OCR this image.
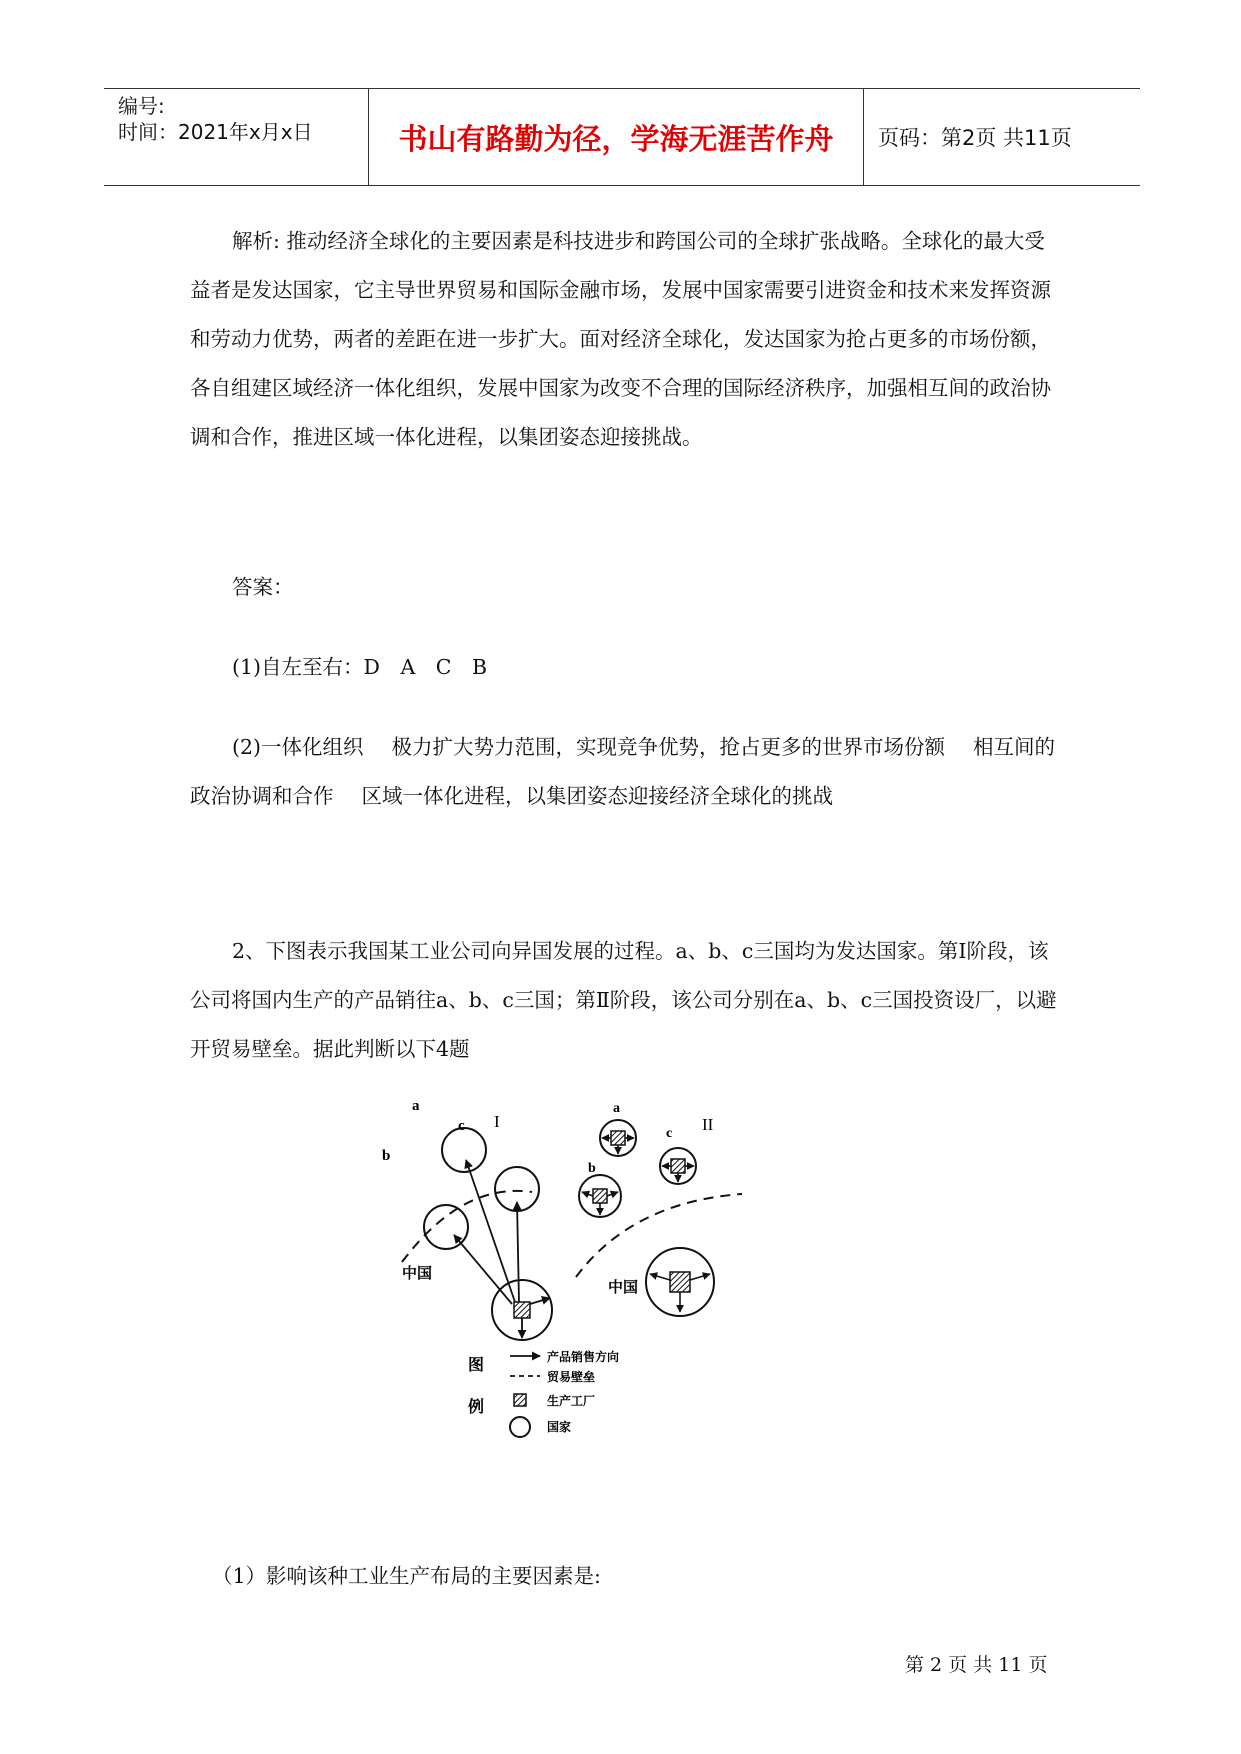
编号:
时间：2021年x月x日	书山有路勤为径，学海无涯苦作舟	页码：第2页 共11页

解析: 推动经济全球化的主要因素是科技进步和跨国公司的全球扩张战略。全球化的最大受益者是发达国家，它主导世界贸易和国际金融市场，发展中国家需要引进资金和技术来发挥资源和劳动力优势，两者的差距在进一步扩大。面对经济全球化，发达国家为抢占更多的市场份额，各自组建区域经济一体化组织，发展中国家为改变不合理的国际经济秩序，加强相互间的政治协调和合作，推进区域一体化进程，以集团姿态迎接挑战。

答案：

(1)自左至右：D　A　C　B

(2)一体化组织 极力扩大势力范围，实现竞争优势，抢占更多的世界市场份额 相互间的政治协调和合作 区域一体化进程，以集团姿态迎接经济全球化的挑战

2、下图表示我国某工业公司向异国发展的过程。a、b、c三国均为发达国家。第Ⅰ阶段，该公司将国内生产的产品销往a、b、c三国；第Ⅱ阶段，该公司分别在a、b、c三国投资设厂，以避开贸易壁垒。据此判断以下4题

a
c
b
I
中国
a
c
b
II
中国
图
例
产品销售方向
贸易壁垒
生产工厂
国家

（1）影响该种工业生产布局的主要因素是:

第 2 页 共 11 页
